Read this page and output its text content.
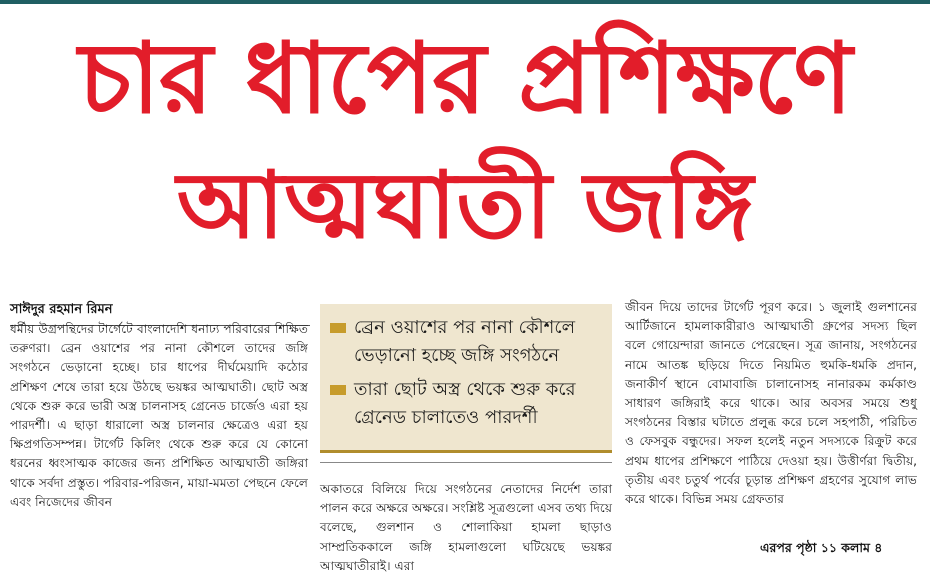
চার ধাপের প্রশিক্ষণে
আত্মঘাতী জঙ্গি
সাঈদুর রহমান রিমন
ধর্মীয় উগ্রপন্থিদের টার্গেটে বাংলাদেশি ধনাঢ্য পরিবারের শিক্ষিত তরুণরা। ব্রেন ওয়াশের পর নানা কৌশলে তাদের জঙ্গি সংগঠনে ভেড়ানো হচ্ছে। চার ধাপের দীর্ঘমেয়াদি কঠোর প্রশিক্ষণ শেষে তারা হয়ে উঠছে ভয়ঙ্কর আত্মঘাতী। ছোট অস্ত্র থেকে শুরু করে ভারী অস্ত্র চালনাসহ গ্রেনেড চার্জেও এরা হয় পারদর্শী। এ ছাড়া ধারালো অস্ত্র চালনার ক্ষেত্রেও এরা হয় ক্ষিপ্রগতিসম্পন্ন। টার্গেট কিলিং থেকে শুরু করে যে কোনো ধরনের ধ্বংসাত্মক কাজের জন্য প্রশিক্ষিত আত্মঘাতী জঙ্গিরা থাকে সর্বদা প্রস্তুত। পরিবার-পরিজন, মায়া-মমতা পেছনে ফেলে এবং নিজেদের জীবন
ব্রেন ওয়াশের পর নানা কৌশলে ভেড়ানো হচ্ছে জঙ্গি সংগঠনে
তারা ছোট অস্ত্র থেকে শুরু করে গ্রেনেড চালাতেও পারদর্শী
অকাতরে বিলিয়ে দিয়ে সংগঠনের নেতাদের নির্দেশ তারা পালন করে অক্ষরে অক্ষরে। সংশ্লিষ্ট সূত্রগুলো এসব তথ্য দিয়ে বলেছে, গুলশান ও শোলাকিয়া হামলা ছাড়াও সাম্প্রতিককালে জঙ্গি হামলাগুলো ঘটিয়েছে ভয়ঙ্কর আত্মঘাতীরাই। এরা
জীবন দিয়ে তাদের টার্গেট পূরণ করে। ১ জুলাই গুলশানের আর্টিজানে হামলাকারীরাও আত্মঘাতী গ্রুপের সদস্য ছিল বলে গোয়েন্দারা জানতে পেরেছেন। সূত্র জানায়, সংগঠনের নামে আতঙ্ক ছড়িয়ে দিতে নিয়মিত হুমকি-ধমকি প্রদান, জনাকীর্ণ স্থানে বোমাবাজি চালানোসহ নানারকম কর্মকাণ্ড সাধারণ জঙ্গিরাই করে থাকে। আর অবসর সময়ে শুধু সংগঠনের বিস্তার ঘটাতে প্রলুব্ধ করে চলে সহপাঠী, পরিচিত ও ফেসবুক বন্ধুদের। সফল হলেই নতুন সদস্যকে রিক্রুট করে প্রথম ধাপের প্রশিক্ষণে পাঠিয়ে দেওয়া হয়। উত্তীর্ণরা দ্বিতীয়, তৃতীয় এবং চতুর্থ পর্বের চূড়ান্ত প্রশিক্ষণ গ্রহণের সুযোগ লাভ করে থাকে। বিভিন্ন সময় গ্রেফতার
এরপর পৃষ্ঠা ১১ কলাম ৪
